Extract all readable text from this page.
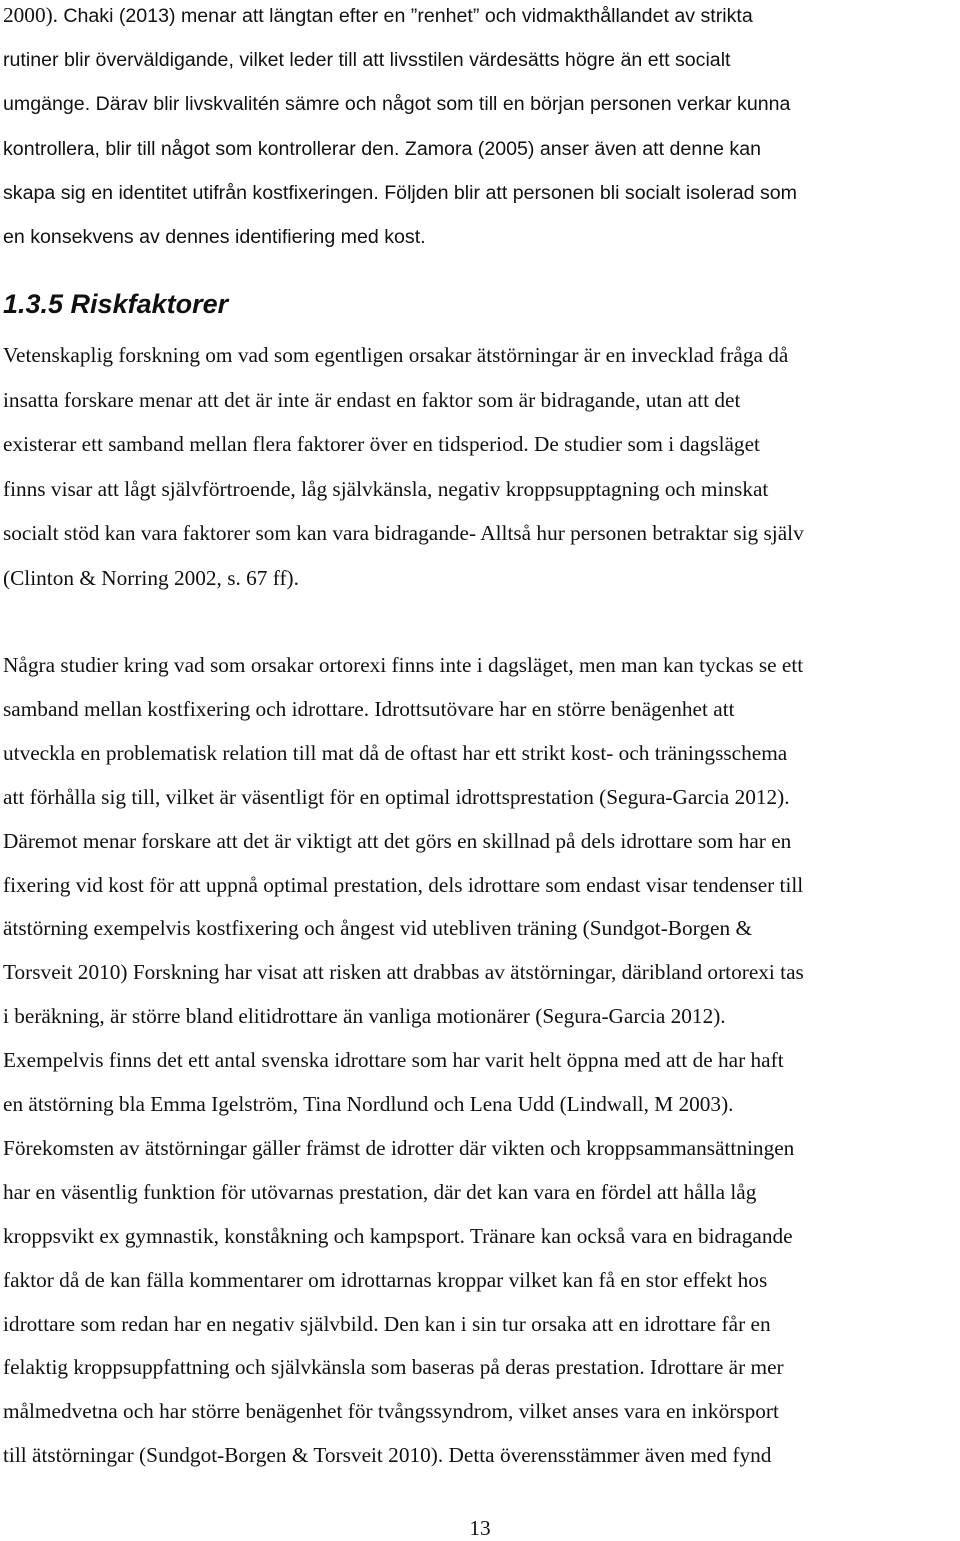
2000). Chaki (2013) menar att längtan efter en ”renhet” och vidmakthållandet av strikta
rutiner blir överväldigande, vilket leder till att livsstilen värdesätts högre än ett socialt
umgänge. Därav blir livskvalitén sämre och något som till en början personen verkar kunna
kontrollera, blir till något som kontrollerar den. Zamora (2005) anser även att denne kan
skapa sig en identitet utifrån kostfixeringen. Följden blir att personen bli socialt isolerad som
en konsekvens av dennes identifiering med kost.
1.3.5 Riskfaktorer
Vetenskaplig forskning om vad som egentligen orsakar ätstörningar är en invecklad fråga då
insatta forskare menar att det är inte är endast en faktor som är bidragande, utan att det
existerar ett samband mellan flera faktorer över en tidsperiod. De studier som i dagsläget
finns visar att lågt självförtroende, låg självkänsla, negativ kroppsupptagning och minskat
socialt stöd kan vara faktorer som kan vara bidragande- Alltså hur personen betraktar sig själv
(Clinton & Norring 2002, s. 67 ff).
Några studier kring vad som orsakar ortorexi finns inte i dagsläget, men man kan tyckas se ett
samband mellan kostfixering och idrottare. Idrottsutövare har en större benägenhet att
utveckla en problematisk relation till mat då de oftast har ett strikt kost- och träningsschema
att förhålla sig till, vilket är väsentligt för en optimal idrottsprestation (Segura-Garcia 2012).
Däremot menar forskare att det är viktigt att det görs en skillnad på dels idrottare som har en
fixering vid kost för att uppnå optimal prestation, dels idrottare som endast visar tendenser till
ätstörning exempelvis kostfixering och ångest vid utebliven träning (Sundgot-Borgen &
Torsveit 2010) Forskning har visat att risken att drabbas av ätstörningar, däribland ortorexi tas
i beräkning, är större bland elitidrottare än vanliga motionärer (Segura-Garcia 2012).
Exempelvis finns det ett antal svenska idrottare som har varit helt öppna med att de har haft
en ätstörning bla Emma Igelström, Tina Nordlund och Lena Udd (Lindwall, M 2003).
Förekomsten av ätstörningar gäller främst de idrotter där vikten och kroppsammansättningen
har en väsentlig funktion för utövarnas prestation, där det kan vara en fördel att hålla låg
kroppsvikt ex gymnastik, konståkning och kampsport. Tränare kan också vara en bidragande
faktor då de kan fälla kommentarer om idrottarnas kroppar vilket kan få en stor effekt hos
idrottare som redan har en negativ självbild. Den kan i sin tur orsaka att en idrottare får en
felaktig kroppsuppfattning och självkänsla som baseras på deras prestation. Idrottare är mer
målmedvetna och har större benägenhet för tvångssyndrom, vilket anses vara en inkörsport
till ätstörningar (Sundgot-Borgen & Torsveit 2010). Detta överensstämmer även med fynd
13
